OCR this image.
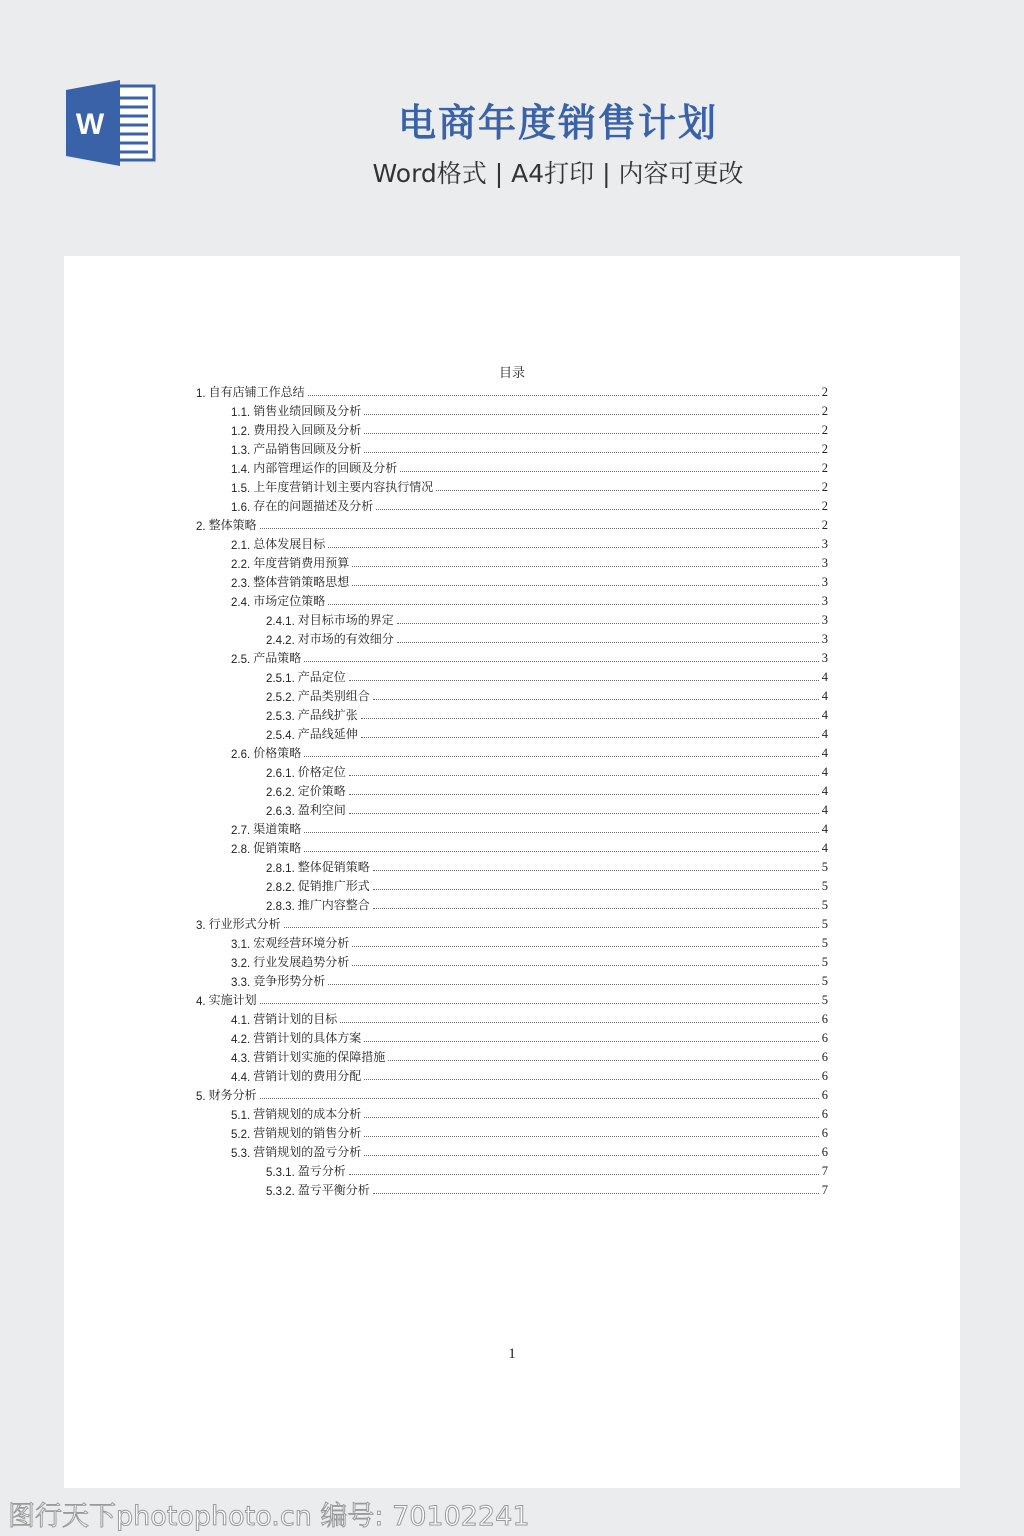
W	电商年度销售计划
Word格式 | A4打印 | 内容可更改
目录
1. 自有店铺工作总结	2
1.1. 销售业绩回顾及分析	2
1.2. 费用投入回顾及分析	2
1.3. 产品销售回顾及分析	2
1.4. 内部管理运作的回顾及分析	2
1.5. 上年度营销计划主要内容执行情况	2
1.6. 存在的问题描述及分析	2
2. 整体策略	2
2.1. 总体发展目标	3
2.2. 年度营销费用预算	3
2.3. 整体营销策略思想	3
2.4. 市场定位策略	3
2.4.1. 对目标市场的界定	3
2.4.2. 对市场的有效细分	3
2.5. 产品策略	3
2.5.1. 产品定位	4
2.5.2. 产品类别组合	4
2.5.3. 产品线扩张	4
2.5.4. 产品线延伸	4
2.6. 价格策略	4
2.6.1. 价格定位	4
2.6.2. 定价策略	4
2.6.3. 盈利空间	4
2.7. 渠道策略	4
2.8. 促销策略	4
2.8.1. 整体促销策略	5
2.8.2. 促销推广形式	5
2.8.3. 推广内容整合	5
3. 行业形式分析	5
3.1. 宏观经营环境分析	5
3.2. 行业发展趋势分析	5
3.3. 竞争形势分析	5
4. 实施计划	5
4.1. 营销计划的目标	6
4.2. 营销计划的具体方案	6
4.3. 营销计划实施的保障措施	6
4.4. 营销计划的费用分配	6
5. 财务分析	6
5.1. 营销规划的成本分析	6
5.2. 营销规划的销售分析	6
5.3. 营销规划的盈亏分析	6
5.3.1. 盈亏分析	7
5.3.2. 盈亏平衡分析	7
1
图行天下photophoto.cn 编号: 70102241
